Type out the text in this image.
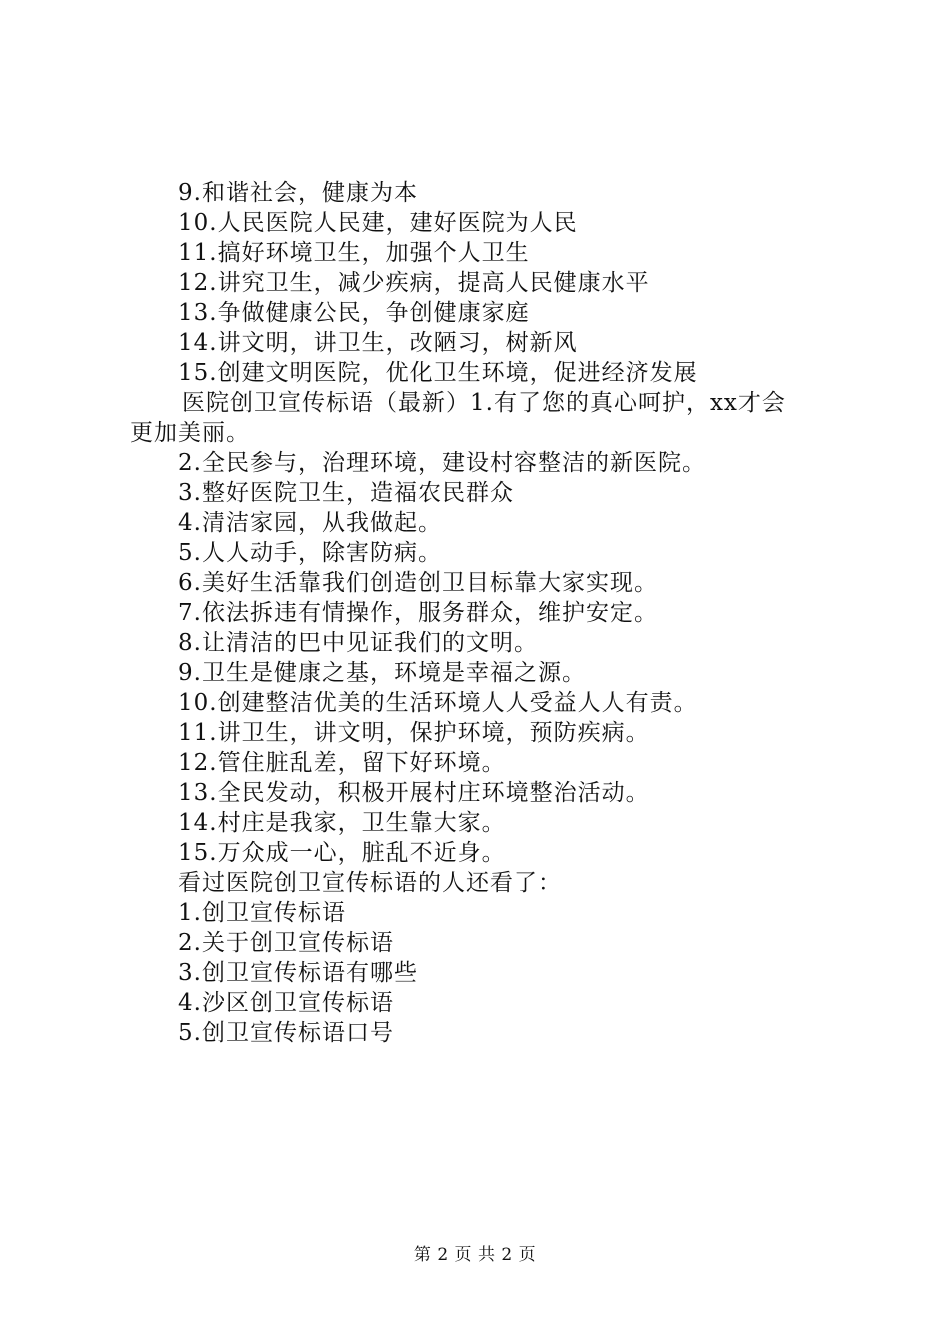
9.和谐社会，健康为本
10.人民医院人民建，建好医院为人民
11.搞好环境卫生，加强个人卫生
12.讲究卫生，减少疾病，提高人民健康水平
13.争做健康公民，争创健康家庭
14.讲文明，讲卫生，改陋习，树新风
15.创建文明医院，优化卫生环境，促进经济发展
医院创卫宣传标语（最新）1.有了您的真心呵护，xx才会
更加美丽。
2.全民参与，治理环境，建设村容整洁的新医院。
3.整好医院卫生，造福农民群众
4.清洁家园，从我做起。
5.人人动手，除害防病。
6.美好生活靠我们创造创卫目标靠大家实现。
7.依法拆违有情操作，服务群众，维护安定。
8.让清洁的巴中见证我们的文明。
9.卫生是健康之基，环境是幸福之源。
10.创建整洁优美的生活环境人人受益人人有责。
11.讲卫生，讲文明，保护环境，预防疾病。
12.管住脏乱差，留下好环境。
13.全民发动，积极开展村庄环境整治活动。
14.村庄是我家，卫生靠大家。
15.万众成一心，脏乱不近身。
看过医院创卫宣传标语的人还看了：
1.创卫宣传标语
2.关于创卫宣传标语
3.创卫宣传标语有哪些
4.沙区创卫宣传标语
5.创卫宣传标语口号
第 2 页 共 2 页
